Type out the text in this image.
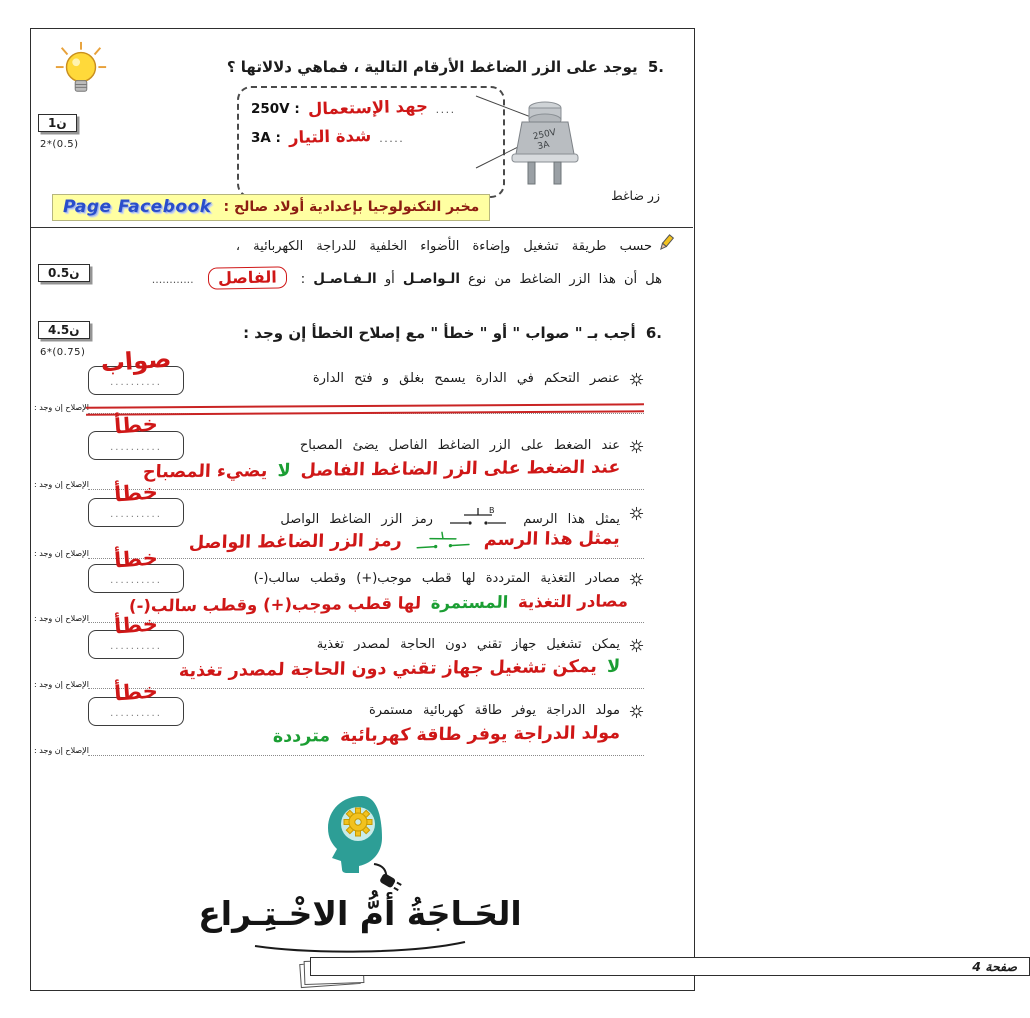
5. يوجد على الزر الضاغط الأرقام التالية ، فماهي دلالاتها ؟
1ن
2*(0.5)
250V : جهد الإستعمال ....
3A : شدة التيار .....	250V
3A
زر ضاغط
Page Facebook مخبر التكنولوجيا بإعدادية أولاد صالح :
حسب طريقة تشغيل وإضاءة الأضواء الخلفية للدراجة الكهربائية ،
هل أن هذا الزر الضاغط من نوع الـواصـل أو الـفـاصـل : الفاصل ............
0.5ن
6. أجب بـ " صواب " أو " خطأ " مع إصلاح الخطأ إن وجد :
4.5ن
6*(0.75)
عنصر التحكم في الدارة يسمح بغلق و فتح الدارة
..........
صواب
الإصلاح إن وجد :
عند الضغط على الزر الضاغط الفاصل يضئ المصباح
..........
خطأ
عند الضغط على الزر الضاغط الفاصل لا يضيء المصباح
الإصلاح إن وجد :
يمثل هذا الرسم
B
رمز الزر الضاغط الواصل
..........
خطأ
يمثل هذا الرسم  رمز الزر الضاغط الواصل
الإصلاح إن وجد :
مصادر التغذية المترددة لها قطب موجب(+) وقطب سالب(-)
..........
خطأ
مصادر التغذية المستمرة لها قطب موجب(+) وقطب سالب(-)
الإصلاح إن وجد :
يمكن تشغيل جهاز تقني دون الحاجة لمصدر تغذية
..........
خطأ
لا يمكن تشغيل جهاز تقني دون الحاجة لمصدر تغذية
الإصلاح إن وجد :
مولد الدراجة يوفر طاقة كهربائية مستمرة
..........
خطأ
مولد الدراجة يوفر طاقة كهربائية مترددة
الإصلاح إن وجد :
الحَـاجَةُ أمُّ الاخْـتِـراع
صفحة 4
